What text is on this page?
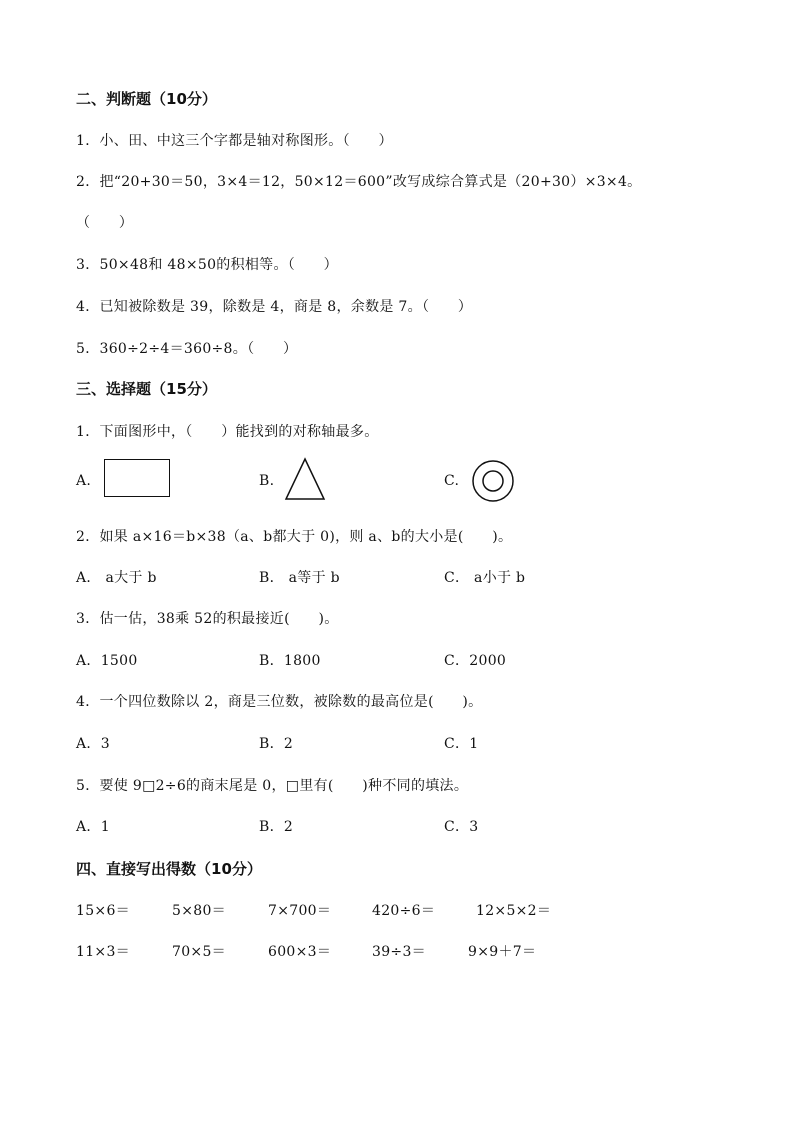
二、判断题（10分）
1．小、田、中这三个字都是轴对称图形。（　　）
2．把“20+30＝50，3×4＝12，50×12＝600”改写成综合算式是（20+30）×3×4。
（　　）
3．50×48和 48×50的积相等。（　　）
4．已知被除数是 39，除数是 4，商是 8，余数是 7。（　　）
5．360÷2÷4＝360÷8。（　　）
三、选择题（15分）
1．下面图形中，（　　）能找到的对称轴最多。
A.	B.	C.
2．如果 a×16＝b×38（a、b都大于 0)，则 a、b的大小是(　　)。
A． a大于 b	B． a等于 b	C． a小于 b
3．估一估，38乘 52的积最接近(　　)。
A．1500	B．1800	C．2000
4．一个四位数除以 2，商是三位数，被除数的最高位是(　　)。
A．3	B．2	C．1
5．要使 9□2÷6的商末尾是 0，□里有(　　)种不同的填法。
A．1	B．2	C．3
四、直接写出得数（10分）
15×6＝	5×80＝	7×700＝	420÷6＝	12×5×2＝
11×3＝	70×5＝	600×3＝	39÷3＝	9×9＋7＝
